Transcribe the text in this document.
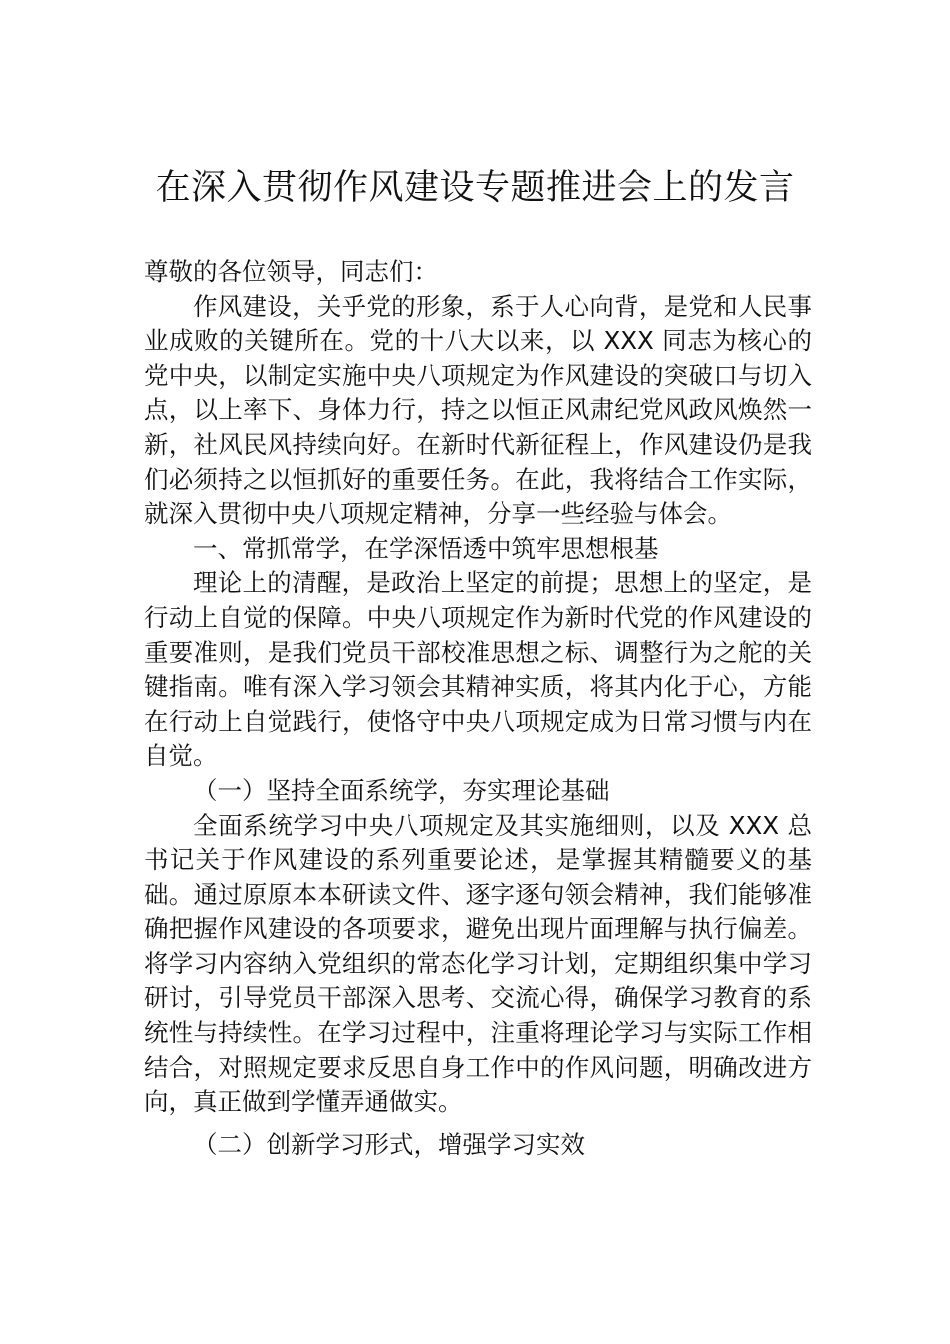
在深入贯彻作风建设专题推进会上的发言

尊敬的各位领导，同志们：

作风建设，关乎党的形象，系于人心向背，是党和人民事业成败的关键所在。党的十八大以来，以 XXX 同志为核心的党中央，以制定实施中央八项规定为作风建设的突破口与切入点，以上率下、身体力行，持之以恒正风肃纪党风政风焕然一新，社风民风持续向好。在新时代新征程上，作风建设仍是我们必须持之以恒抓好的重要任务。在此，我将结合工作实际，就深入贯彻中央八项规定精神，分享一些经验与体会。

一、常抓常学，在学深悟透中筑牢思想根基

理论上的清醒，是政治上坚定的前提；思想上的坚定，是行动上自觉的保障。中央八项规定作为新时代党的作风建设的重要准则，是我们党员干部校准思想之标、调整行为之舵的关键指南。唯有深入学习领会其精神实质，将其内化于心，方能在行动上自觉践行，使恪守中央八项规定成为日常习惯与内在自觉。

（一）坚持全面系统学，夯实理论基础

全面系统学习中央八项规定及其实施细则，以及 XXX 总书记关于作风建设的系列重要论述，是掌握其精髓要义的基础。通过原原本本研读文件、逐字逐句领会精神，我们能够准确把握作风建设的各项要求，避免出现片面理解与执行偏差。将学习内容纳入党组织的常态化学习计划，定期组织集中学习研讨，引导党员干部深入思考、交流心得，确保学习教育的系统性与持续性。在学习过程中，注重将理论学习与实际工作相结合，对照规定要求反思自身工作中的作风问题，明确改进方向，真正做到学懂弄通做实。

（二）创新学习形式，增强学习实效
